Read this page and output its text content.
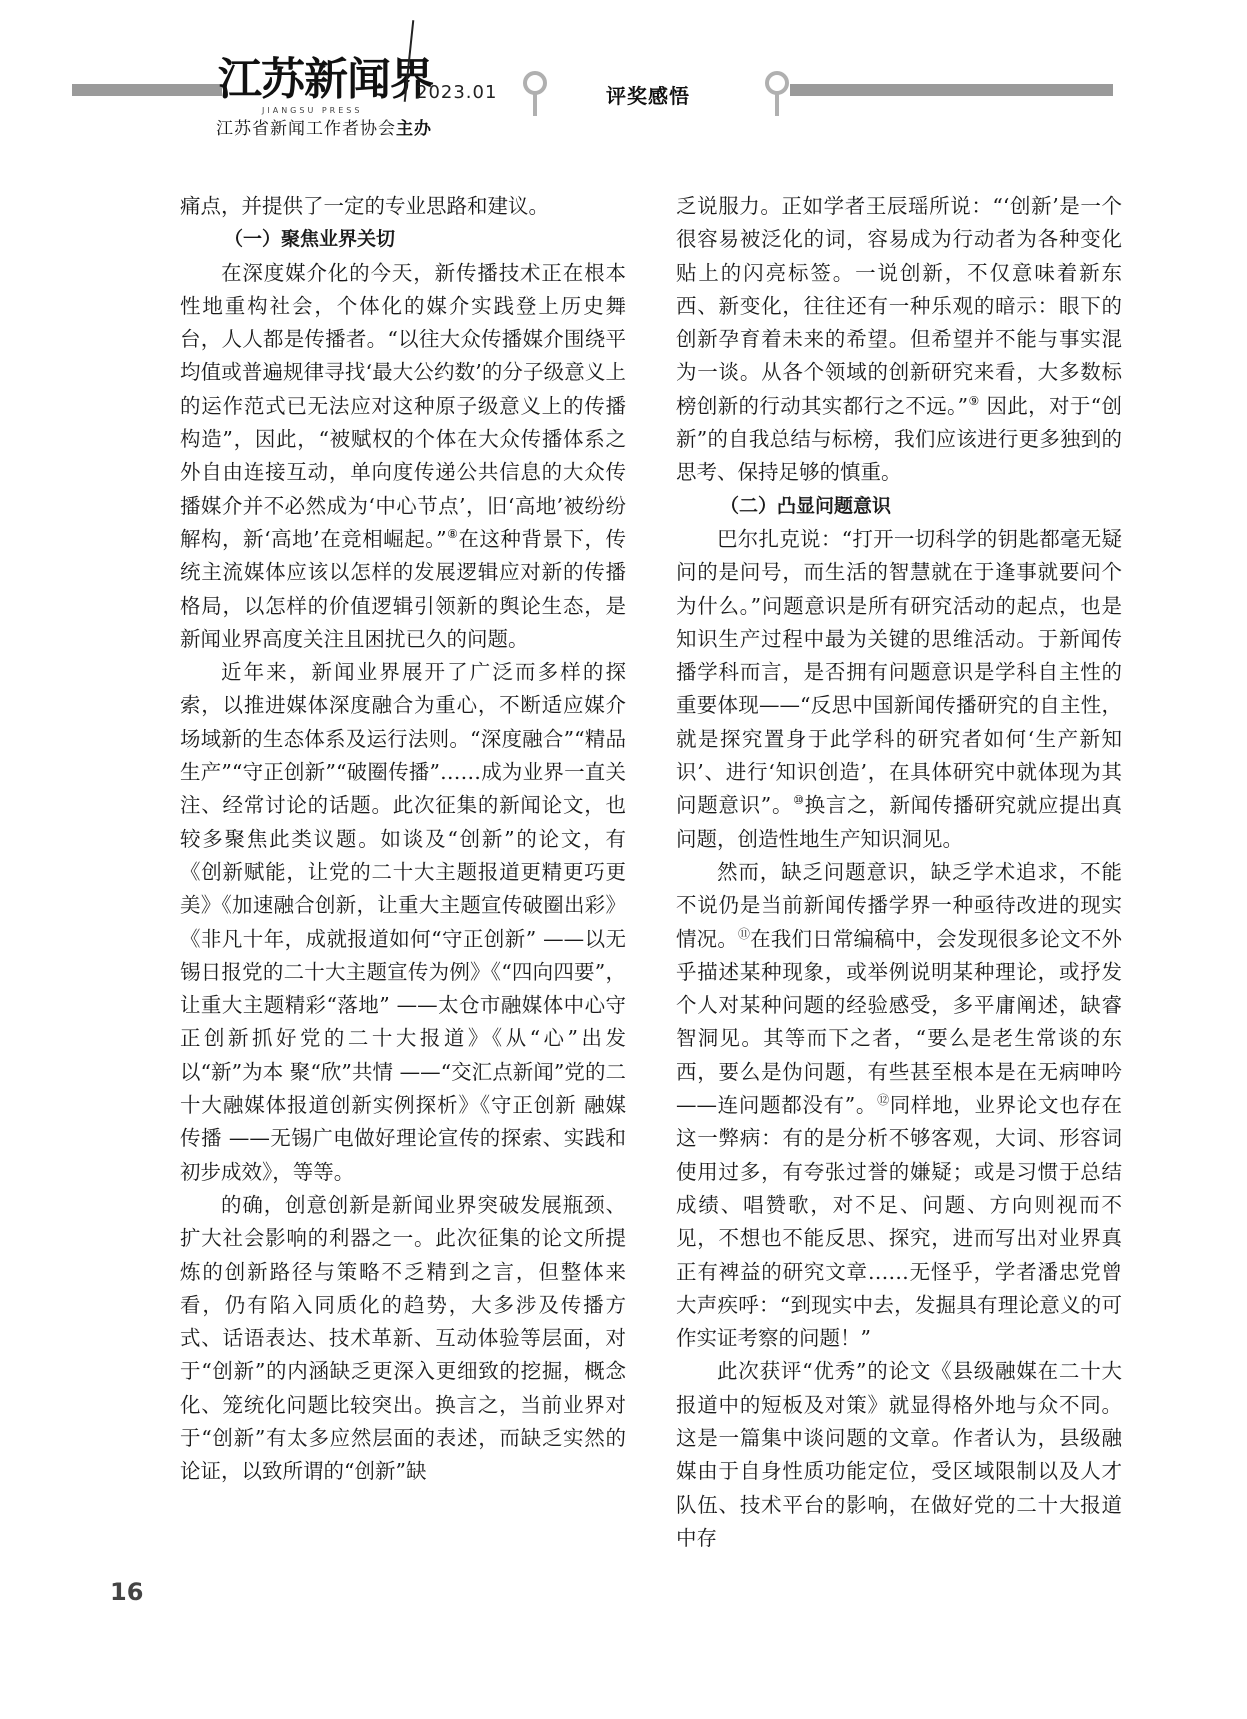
江苏新闻界
JIANGSU PRESS
2023.01
江苏省新闻工作者协会主办
评奖感悟

痛点，并提供了一定的专业思路和建议。

（一）聚焦业界关切

在深度媒介化的今天，新传播技术正在根本性地重构社会，个体化的媒介实践登上历史舞台，人人都是传播者。“以往大众传播媒介围绕平均值或普遍规律寻找‘最大公约数’的分子级意义上的运作范式已无法应对这种原子级意义上的传播构造”，因此，“被赋权的个体在大众传播体系之外自由连接互动，单向度传递公共信息的大众传播媒介并不必然成为‘中心节点’，旧‘高地’被纷纷解构，新‘高地’在竞相崛起。”⑧在这种背景下，传统主流媒体应该以怎样的发展逻辑应对新的传播格局，以怎样的价值逻辑引领新的舆论生态，是新闻业界高度关注且困扰已久的问题。

近年来，新闻业界展开了广泛而多样的探索，以推进媒体深度融合为重心，不断适应媒介场域新的生态体系及运行法则。“深度融合”“精品生产”“守正创新”“破圈传播”……成为业界一直关注、经常讨论的话题。此次征集的新闻论文，也较多聚焦此类议题。如谈及“创新”的论文，有《创新赋能，让党的二十大主题报道更精更巧更美》《加速融合创新，让重大主题宣传破圈出彩》《非凡十年，成就报道如何“守正创新” ——以无锡日报党的二十大主题宣传为例》《“四向四要”，让重大主题精彩“落地” ——太仓市融媒体中心守正创新抓好党的二十大报道》《从“心”出发 以“新”为本 聚“欣”共情 ——“交汇点新闻”党的二十大融媒体报道创新实例探析》《守正创新 融媒传播 ——无锡广电做好理论宣传的探索、实践和初步成效》，等等。

的确，创意创新是新闻业界突破发展瓶颈、扩大社会影响的利器之一。此次征集的论文所提炼的创新路径与策略不乏精到之言，但整体来看，仍有陷入同质化的趋势，大多涉及传播方式、话语表达、技术革新、互动体验等层面，对于“创新”的内涵缺乏更深入更细致的挖掘，概念化、笼统化问题比较突出。换言之，当前业界对于“创新”有太多应然层面的表述，而缺乏实然的论证，以致所谓的“创新”缺

乏说服力。正如学者王辰瑶所说：“‘创新’是一个很容易被泛化的词，容易成为行动者为各种变化贴上的闪亮标签。一说创新，不仅意味着新东西、新变化，往往还有一种乐观的暗示：眼下的创新孕育着未来的希望。但希望并不能与事实混为一谈。从各个领域的创新研究来看，大多数标榜创新的行动其实都行之不远。”⑨ 因此，对于“创新”的自我总结与标榜，我们应该进行更多独到的思考、保持足够的慎重。

（二）凸显问题意识

巴尔扎克说：“打开一切科学的钥匙都毫无疑问的是问号，而生活的智慧就在于逢事就要问个为什么。”问题意识是所有研究活动的起点，也是知识生产过程中最为关键的思维活动。于新闻传播学科而言，是否拥有问题意识是学科自主性的重要体现——“反思中国新闻传播研究的自主性，就是探究置身于此学科的研究者如何‘生产新知识’、进行‘知识创造’，在具体研究中就体现为其问题意识”。⑩换言之，新闻传播研究就应提出真问题，创造性地生产知识洞见。

然而，缺乏问题意识，缺乏学术追求，不能不说仍是当前新闻传播学界一种亟待改进的现实情况。⑪在我们日常编稿中，会发现很多论文不外乎描述某种现象，或举例说明某种理论，或抒发个人对某种问题的经验感受，多平庸阐述，缺睿智洞见。其等而下之者，“要么是老生常谈的东西，要么是伪问题，有些甚至根本是在无病呻吟——连问题都没有”。⑫同样地，业界论文也存在这一弊病：有的是分析不够客观，大词、形容词使用过多，有夸张过誉的嫌疑；或是习惯于总结成绩、唱赞歌，对不足、问题、方向则视而不见，不想也不能反思、探究，进而写出对业界真正有裨益的研究文章……无怪乎，学者潘忠党曾大声疾呼：“到现实中去，发掘具有理论意义的可作实证考察的问题！”

此次获评“优秀”的论文《县级融媒在二十大报道中的短板及对策》就显得格外地与众不同。这是一篇集中谈问题的文章。作者认为，县级融媒由于自身性质功能定位，受区域限制以及人才队伍、技术平台的影响，在做好党的二十大报道中存

16
